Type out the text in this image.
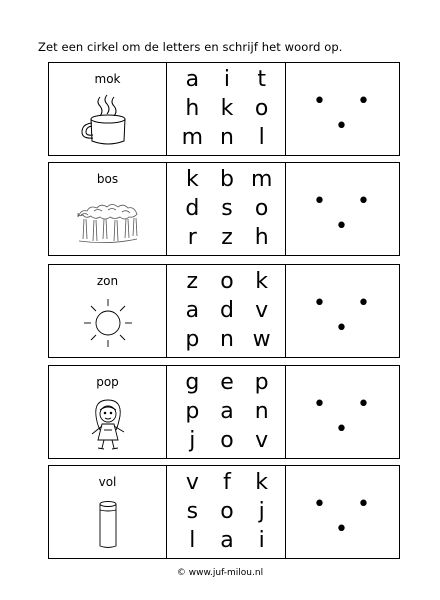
Zet een cirkel om de letters en schrijf het woord op.
mok	a	i	t
h k o
m n	l
• • •
bos	k b m
d s	o
r	z h
• • •
zon	z	o k
a d v
p n w
• • •
pop	g e p
p a n
j	o v
• • •
vol	v	f	k
s	o	j
l	a	i
• • •
© www.juf-milou.nl
